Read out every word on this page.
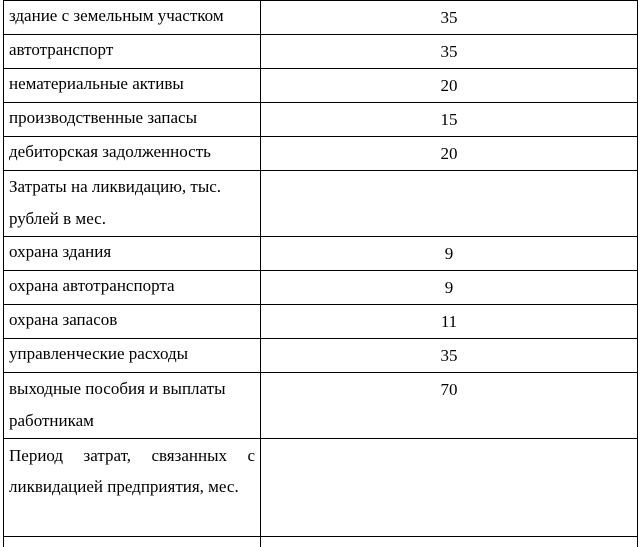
здание с земельным участком	35
автотранспорт	35
нематериальные активы	20
производственные запасы	15
дебиторская задолженность	20
Затраты на ликвидацию, тыс. рублей в мес.	
охрана здания	9
охрана автотранспорта	9
охрана запасов	11
управленческие расходы	35
выходные пособия и выплаты работникам	70
Период затрат, связанных с ликвидацией предприятия, мес.	
